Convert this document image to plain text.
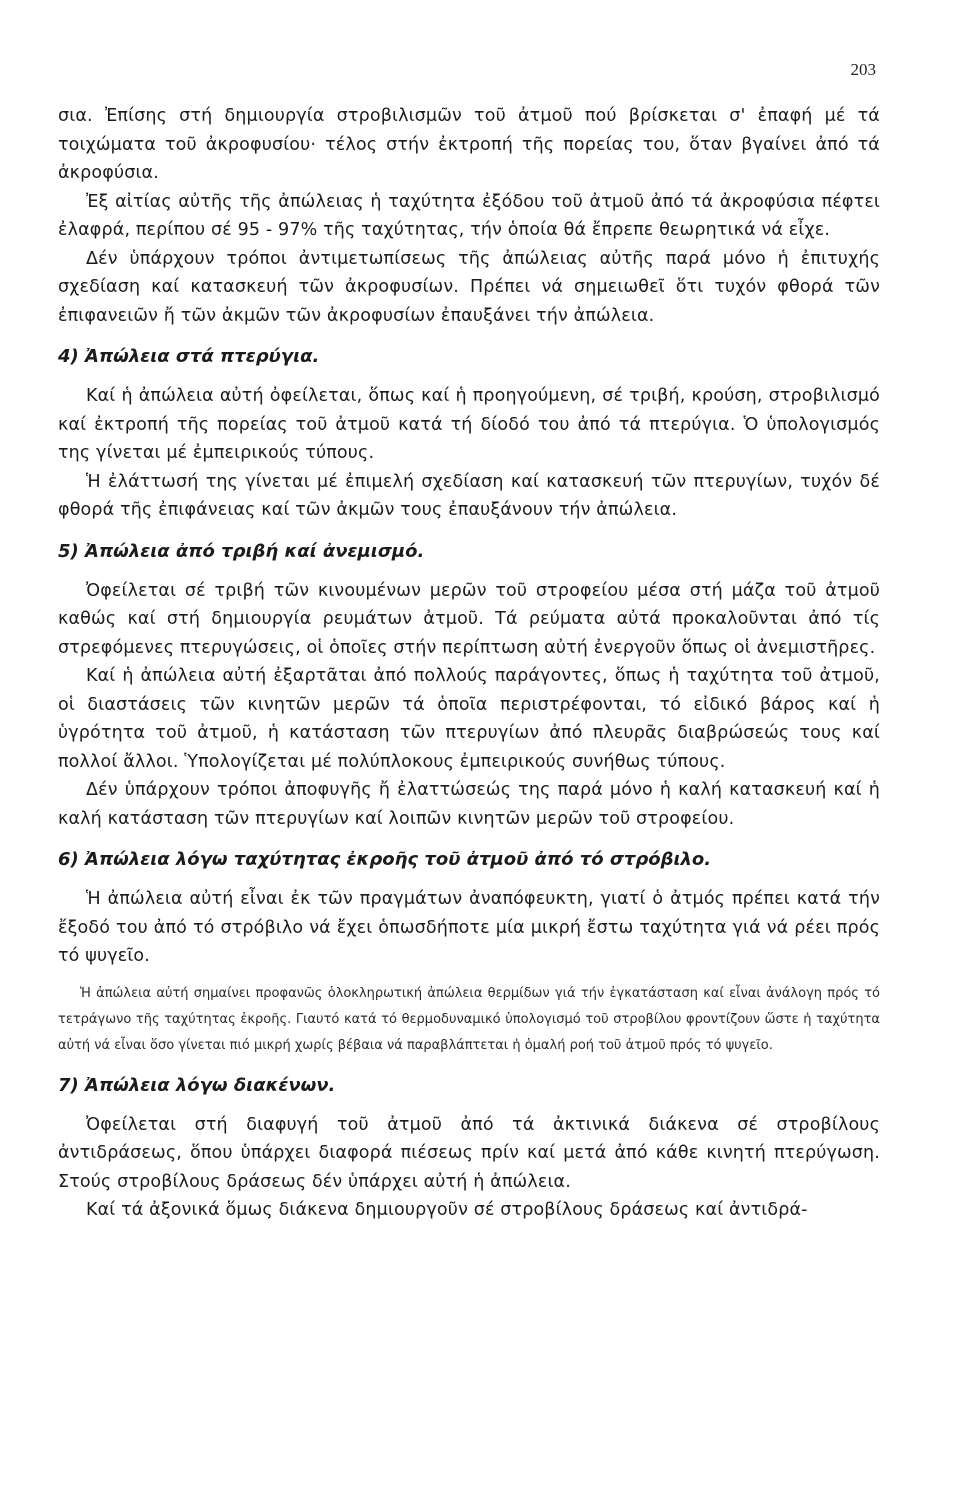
203

σια. Ἐπίσης στή δημιουργία στροβιλισμῶν τοῦ ἀτμοῦ πού βρίσκεται σ' ἐπαφή μέ τά τοιχώματα τοῦ ἀκροφυσίου· τέλος στήν ἐκτροπή τῆς πορείας του, ὅταν βγαίνει ἀπό τά ἀκροφύσια.

Ἐξ αἰτίας αὐτῆς τῆς ἀπώλειας ἡ ταχύτητα ἐξόδου τοῦ ἀτμοῦ ἀπό τά ἀκροφύσια πέφτει ἐλαφρά, περίπου σέ 95 - 97% τῆς ταχύτητας, τήν ὁποία θά ἔπρεπε θεωρητικά νά εἶχε.

Δέν ὑπάρχουν τρόποι ἀντιμετωπίσεως τῆς ἀπώλειας αὐτῆς παρά μόνο ἡ ἐπιτυχής σχεδίαση καί κατασκευή τῶν ἀκροφυσίων. Πρέπει νά σημειωθεῖ ὅτι τυχόν φθορά τῶν ἐπιφανειῶν ἤ τῶν ἀκμῶν τῶν ἀκροφυσίων ἐπαυξάνει τήν ἀπώλεια.

4) Ἀπώλεια στά πτερύγια.

Καί ἡ ἀπώλεια αὐτή ὀφείλεται, ὅπως καί ἡ προηγούμενη, σέ τριβή, κρούση, στροβιλισμό καί ἐκτροπή τῆς πορείας τοῦ ἀτμοῦ κατά τή δίοδό του ἀπό τά πτερύγια. Ὁ ὑπολογισμός της γίνεται μέ ἐμπειρικούς τύπους.

Ἡ ἐλάττωσή της γίνεται μέ ἐπιμελή σχεδίαση καί κατασκευή τῶν πτερυγίων, τυχόν δέ φθορά τῆς ἐπιφάνειας καί τῶν ἀκμῶν τους ἐπαυξάνουν τήν ἀπώλεια.

5) Ἀπώλεια ἀπό τριβή καί ἀνεμισμό.

Ὀφείλεται σέ τριβή τῶν κινουμένων μερῶν τοῦ στροφείου μέσα στή μάζα τοῦ ἀτμοῦ καθώς καί στή δημιουργία ρευμάτων ἀτμοῦ. Τά ρεύματα αὐτά προκαλοῦνται ἀπό τίς στρεφόμενες πτερυγώσεις, οἱ ὁποῖες στήν περίπτωση αὐτή ἐνεργοῦν ὅπως οἱ ἀνεμιστῆρες.

Καί ἡ ἀπώλεια αὐτή ἐξαρτᾶται ἀπό πολλούς παράγοντες, ὅπως ἡ ταχύτητα τοῦ ἀτμοῦ, οἱ διαστάσεις τῶν κινητῶν μερῶν τά ὁποῖα περιστρέφονται, τό εἰδικό βάρος καί ἡ ὑγρότητα τοῦ ἀτμοῦ, ἡ κατάσταση τῶν πτερυγίων ἀπό πλευρᾶς διαβρώσεώς τους καί πολλοί ἄλλοι. Ὑπολογίζεται μέ πολύπλοκους ἐμπειρικούς συνήθως τύπους.

Δέν ὑπάρχουν τρόποι ἀποφυγῆς ἤ ἐλαττώσεώς της παρά μόνο ἡ καλή κατασκευή καί ἡ καλή κατάσταση τῶν πτερυγίων καί λοιπῶν κινητῶν μερῶν τοῦ στροφείου.

6) Ἀπώλεια λόγω ταχύτητας ἐκροῆς τοῦ ἀτμοῦ ἀπό τό στρόβιλο.

Ἡ ἀπώλεια αὐτή εἶναι ἐκ τῶν πραγμάτων ἀναπόφευκτη, γιατί ὁ ἀτμός πρέπει κατά τήν ἔξοδό του ἀπό τό στρόβιλο νά ἔχει ὁπωσδήποτε μία μικρή ἔστω ταχύτητα γιά νά ρέει πρός τό ψυγεῖο.

Ἡ ἀπώλεια αὐτή σημαίνει προφανῶς ὁλοκληρωτική ἀπώλεια θερμίδων γιά τήν ἐγκατάσταση καί εἶναι ἀνάλογη πρός τό τετράγωνο τῆς ταχύτητας ἐκροῆς. Γιαυτό κατά τό θερμοδυναμικό ὑπολογισμό τοῦ στροβίλου φροντίζουν ὥστε ἡ ταχύτητα αὐτή νά εἶναι ὅσο γίνεται πιό μικρή χωρίς βέβαια νά παραβλάπτεται ἡ ὁμαλή ροή τοῦ ἀτμοῦ πρός τό ψυγεῖο.

7) Ἀπώλεια λόγω διακένων.

Ὀφείλεται στή διαφυγή τοῦ ἀτμοῦ ἀπό τά ἀκτινικά διάκενα σέ στροβίλους ἀντιδράσεως, ὅπου ὑπάρχει διαφορά πιέσεως πρίν καί μετά ἀπό κάθε κινητή πτερύγωση. Στούς στροβίλους δράσεως δέν ὑπάρχει αὐτή ἡ ἀπώλεια.

Καί τά ἀξονικά ὅμως διάκενα δημιουργοῦν σέ στροβίλους δράσεως καί ἀντιδρά-
